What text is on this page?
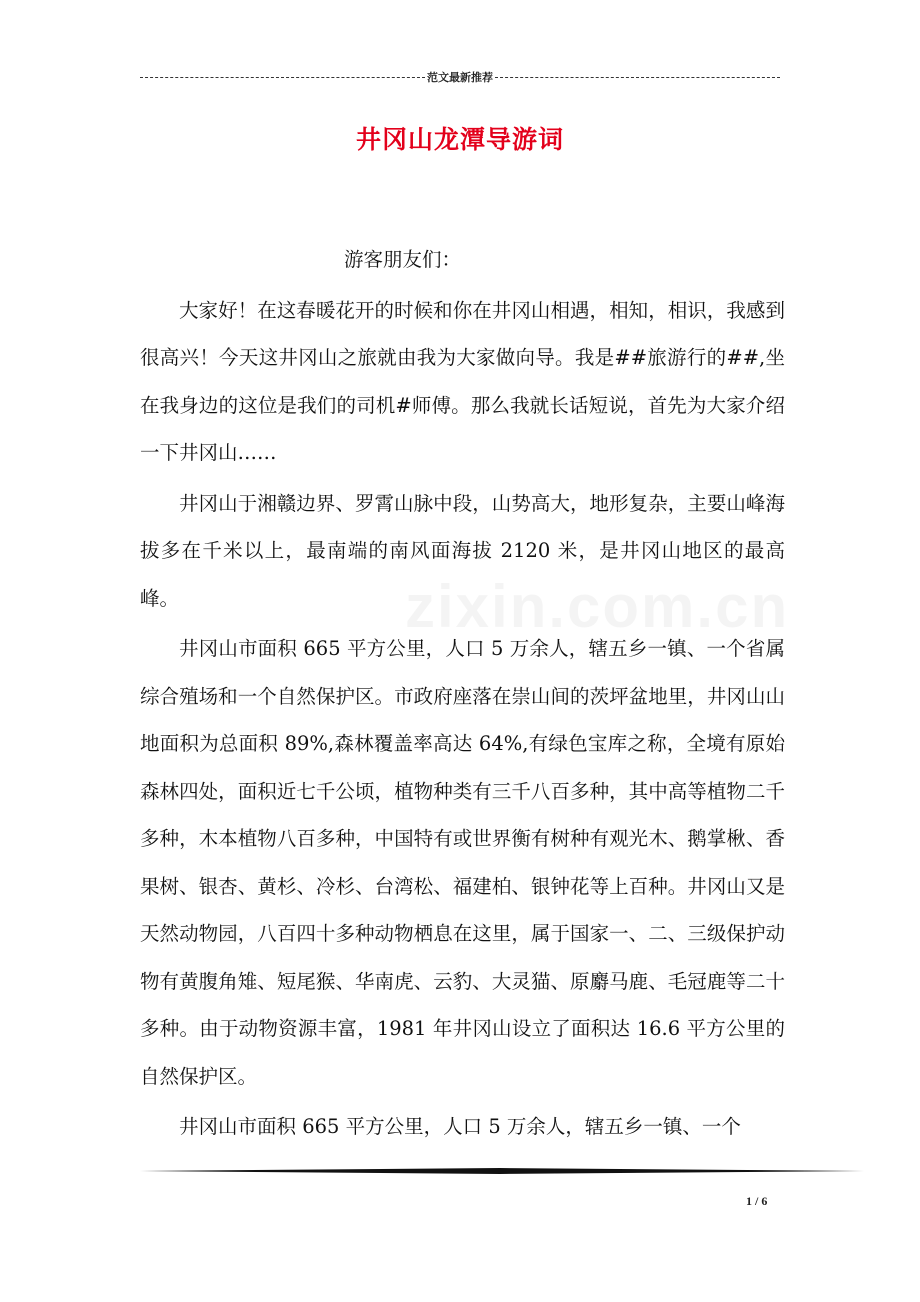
范文最新推荐
井冈山龙潭导游词

游客朋友们：

大家好！在这春暖花开的时候和你在井冈山相遇，相知，相识，我感到很高兴！今天这井冈山之旅就由我为大家做向导。我是##旅游行的##,坐在我身边的这位是我们的司机#师傅。那么我就长话短说，首先为大家介绍一下井冈山……

井冈山于湘赣边界、罗霄山脉中段，山势高大，地形复杂，主要山峰海拔多在千米以上，最南端的南风面海拔 2120 米，是井冈山地区的最高峰。

井冈山市面积 665 平方公里，人口 5 万余人，辖五乡一镇、一个省属综合殖场和一个自然保护区。市政府座落在崇山间的茨坪盆地里，井冈山山地面积为总面积 89%,森林覆盖率高达 64%,有绿色宝库之称，全境有原始森林四处，面积近七千公顷，植物种类有三千八百多种，其中高等植物二千多种，木本植物八百多种，中国特有或世界衡有树种有观光木、鹅掌楸、香果树、银杏、黄杉、冷杉、台湾松、福建柏、银钟花等上百种。井冈山又是天然动物园，八百四十多种动物栖息在这里，属于国家一、二、三级保护动物有黄腹角雉、短尾猴、华南虎、云豹、大灵猫、原麝马鹿、毛冠鹿等二十多种。由于动物资源丰富，1981 年井冈山设立了面积达 16.6 平方公里的自然保护区。

井冈山市面积 665 平方公里，人口 5 万余人，辖五乡一镇、一个

1 / 6
